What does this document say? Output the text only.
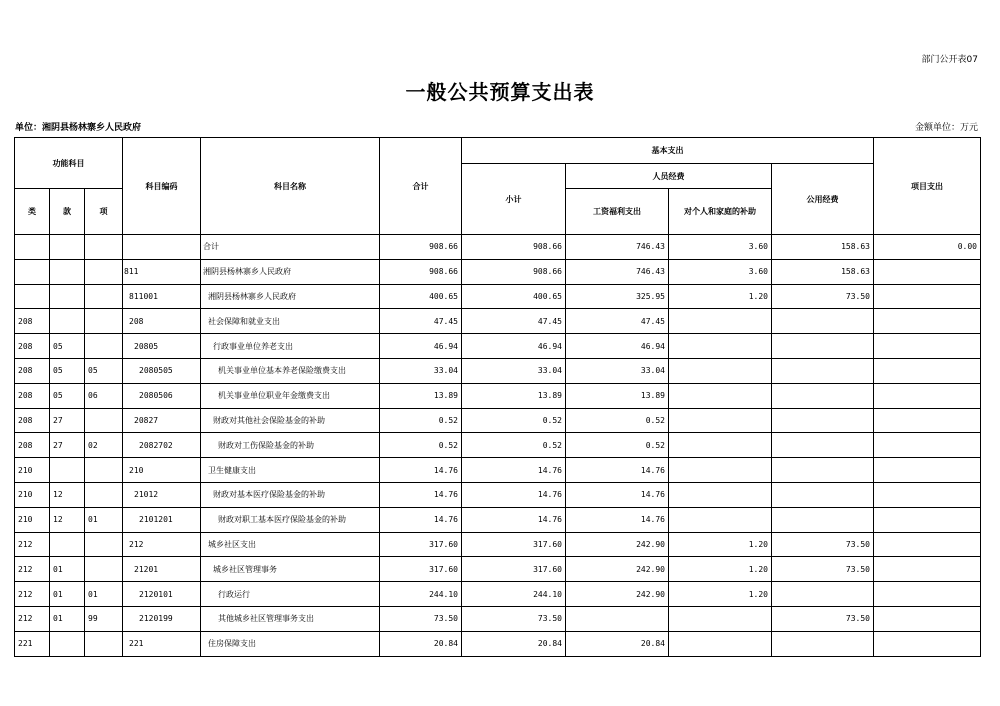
部门公开表07
一般公共预算支出表
单位：湘阴县杨林寨乡人民政府	金额单位：万元
功能科目			科目编码	科目名称	合计	基本支出				项目支出
						小计	人员经费		公用经费	
类	款	项					工资福利支出	对个人和家庭的补助		
				合计	908.66	908.66	746.43	3.60	158.63	0.00
			811	湘阴县杨林寨乡人民政府	908.66	908.66	746.43	3.60	158.63	
			811001	湘阴县杨林寨乡人民政府	400.65	400.65	325.95	1.20	73.50	
208			208	社会保障和就业支出	47.45	47.45	47.45			
208	05		20805	行政事业单位养老支出	46.94	46.94	46.94			
208	05	05	2080505	机关事业单位基本养老保险缴费支出	33.04	33.04	33.04			
208	05	06	2080506	机关事业单位职业年金缴费支出	13.89	13.89	13.89			
208	27		20827	财政对其他社会保险基金的补助	0.52	0.52	0.52			
208	27	02	2082702	财政对工伤保险基金的补助	0.52	0.52	0.52			
210			210	卫生健康支出	14.76	14.76	14.76			
210	12		21012	财政对基本医疗保险基金的补助	14.76	14.76	14.76			
210	12	01	2101201	财政对职工基本医疗保险基金的补助	14.76	14.76	14.76			
212			212	城乡社区支出	317.60	317.60	242.90	1.20	73.50	
212	01		21201	城乡社区管理事务	317.60	317.60	242.90	1.20	73.50	
212	01	01	2120101	行政运行	244.10	244.10	242.90	1.20		
212	01	99	2120199	其他城乡社区管理事务支出	73.50	73.50			73.50	
221			221	住房保障支出	20.84	20.84	20.84			
